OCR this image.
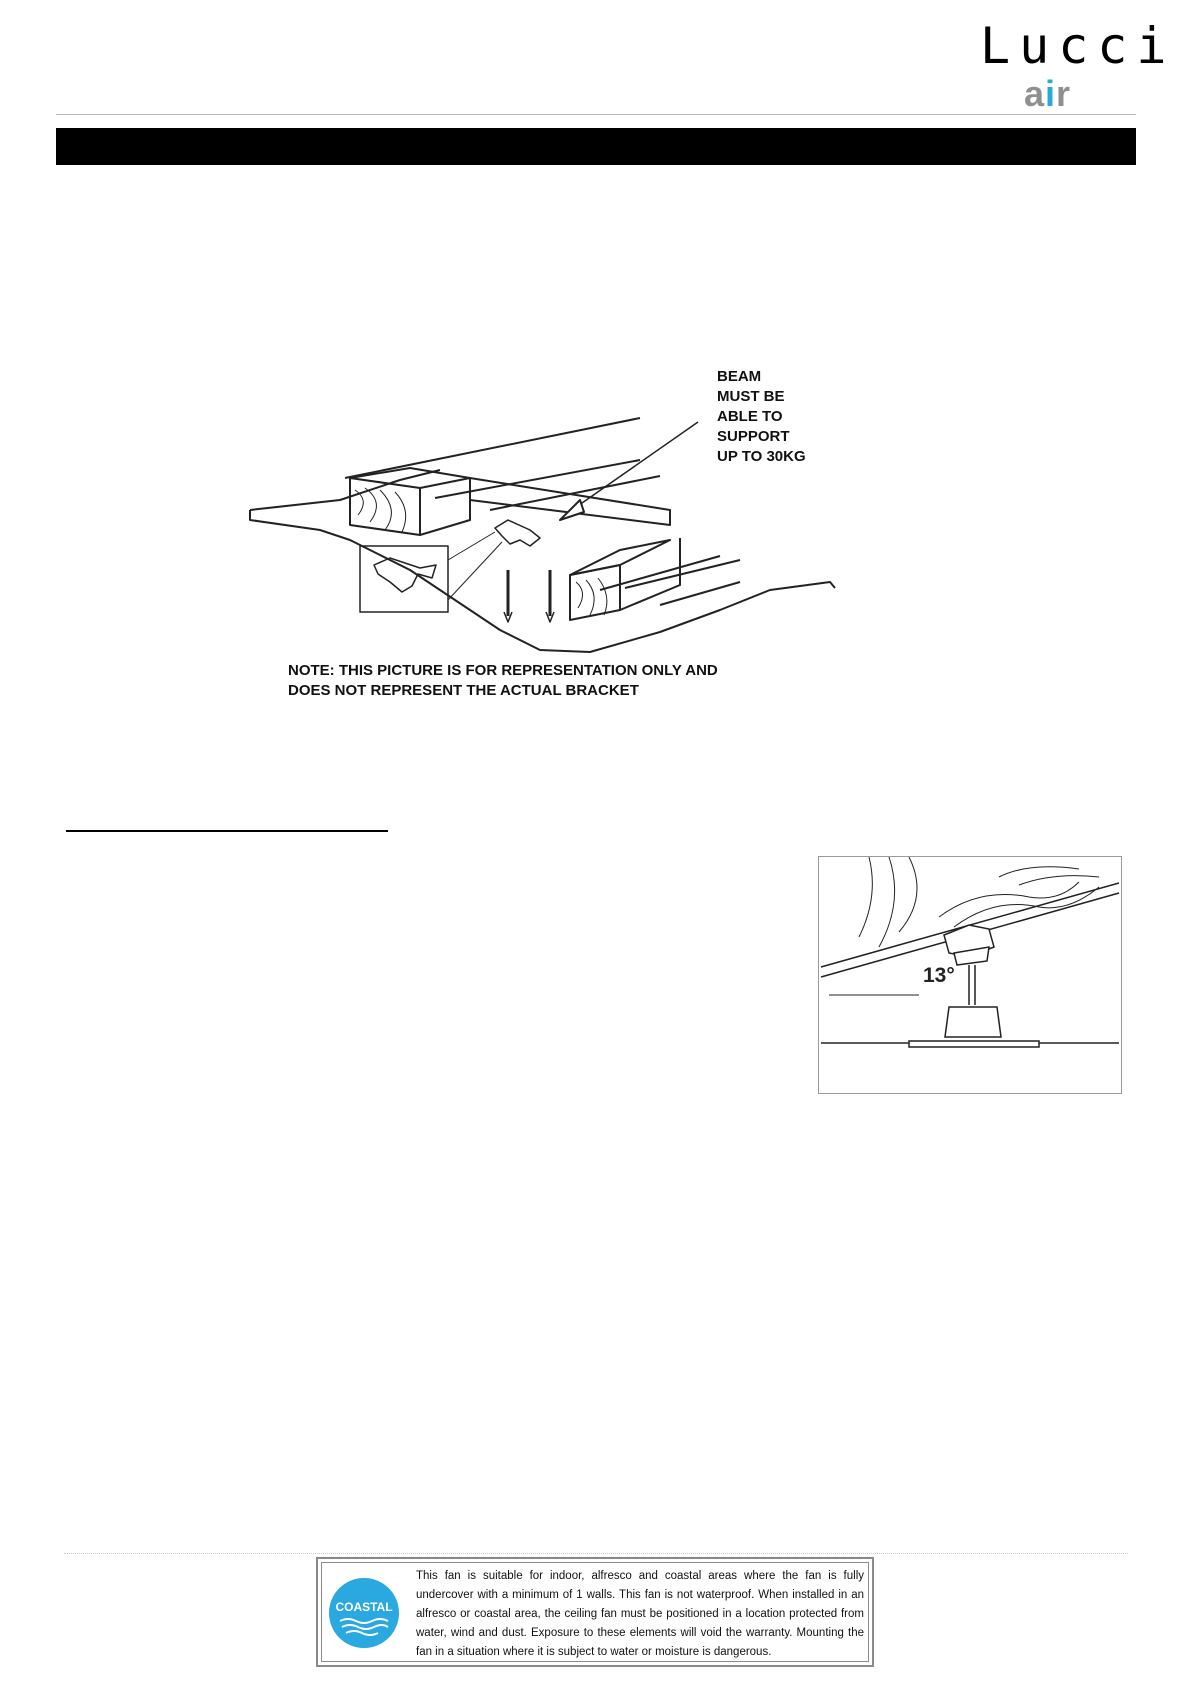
Lucci
air
BEAM
MUST BE
ABLE TO
SUPPORT
UP TO 30KG
NOTE: THIS PICTURE IS FOR REPRESENTATION ONLY AND
DOES NOT REPRESENT THE ACTUAL BRACKET
13°
COASTAL
This fan is suitable for indoor, alfresco and coastal areas where the fan is fully undercover with a minimum of 1 walls. This fan is not waterproof. When installed in an alfresco or coastal area, the ceiling fan must be positioned in a location protected from water, wind and dust. Exposure to these elements will void the warranty. Mounting the fan in a situation where it is subject to water or moisture is dangerous.
